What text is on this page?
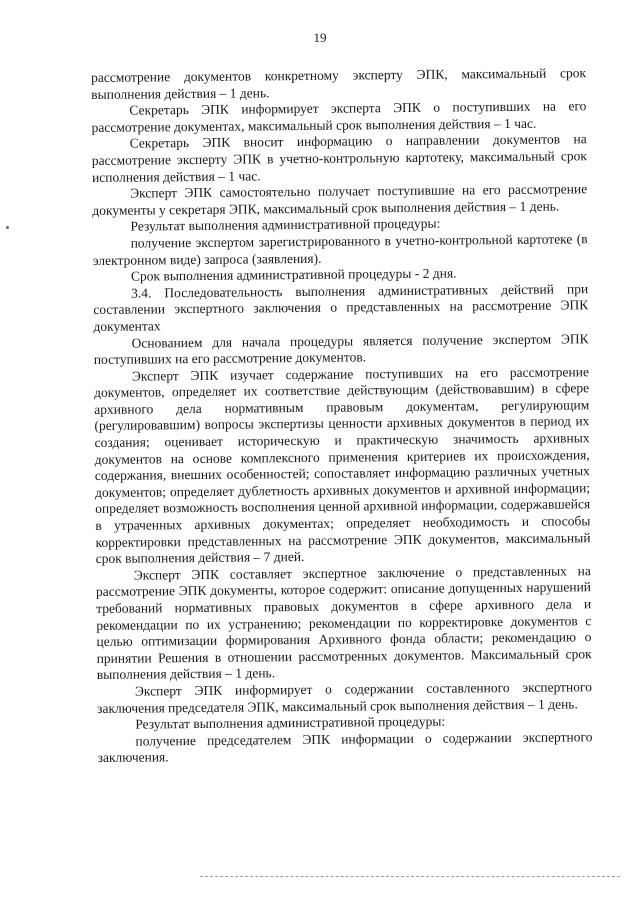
19

рассмотрение документов конкретному эксперту ЭПК, максимальный срок выполнения действия – 1 день.

Секретарь ЭПК информирует эксперта ЭПК о поступивших на его рассмотрение документах, максимальный срок выполнения действия – 1 час.

Секретарь ЭПК вносит информацию о направлении документов на рассмотрение эксперту ЭПК в учетно-контрольную картотеку, максимальный срок исполнения действия – 1 час.

Эксперт ЭПК самостоятельно получает поступившие на его рассмотрение документы у секретаря ЭПК, максимальный срок выполнения действия – 1 день.

Результат выполнения административной процедуры:

получение экспертом зарегистрированного в учетно-контрольной картотеке (в электронном виде) запроса (заявления).

Срок выполнения административной процедуры - 2 дня.

3.4. Последовательность выполнения административных действий при составлении экспертного заключения о представленных на рассмотрение ЭПК документах

Основанием для начала процедуры является получение экспертом ЭПК поступивших на его рассмотрение документов.

Эксперт ЭПК изучает содержание поступивших на его рассмотрение документов, определяет их соответствие действующим (действовавшим) в сфере архивного дела нормативным правовым документам, регулирующим (регулировавшим) вопросы экспертизы ценности архивных документов в период их создания; оценивает историческую и практическую значимость архивных документов на основе комплексного применения критериев их происхождения, содержания, внешних особенностей; сопоставляет информацию различных учетных документов; определяет дублетность архивных документов и архивной информации; определяет возможность восполнения ценной архивной информации, содержавшейся в утраченных архивных документах; определяет необходимость и способы корректировки представленных на рассмотрение ЭПК документов, максимальный срок выполнения действия – 7 дней.

Эксперт ЭПК составляет экспертное заключение о представленных на рассмотрение ЭПК документы, которое содержит: описание допущенных нарушений требований нормативных правовых документов в сфере архивного дела и рекомендации по их устранению; рекомендации по корректировке документов с целью оптимизации формирования Архивного фонда области; рекомендацию о принятии Решения в отношении рассмотренных документов. Максимальный срок выполнения действия – 1 день.

Эксперт ЭПК информирует о содержании составленного экспертного заключения председателя ЭПК, максимальный срок выполнения действия – 1 день.

Результат выполнения административной процедуры:

получение председателем ЭПК информации о содержании экспертного заключения.
